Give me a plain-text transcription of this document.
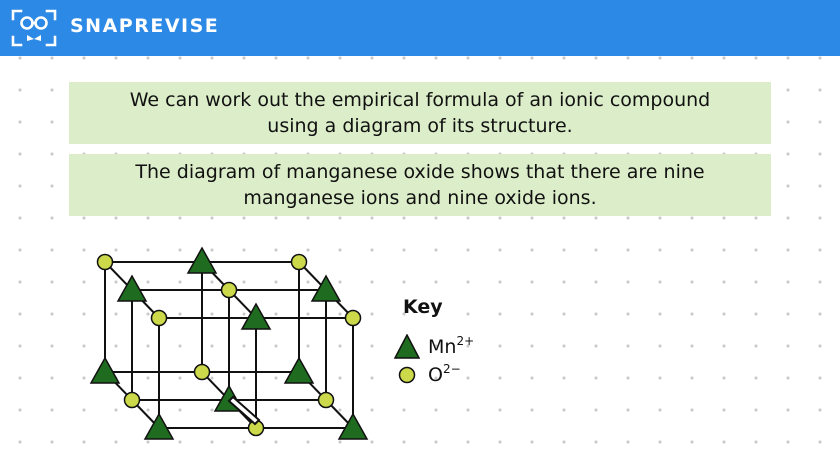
SNAPREVISE
We can work out the empirical formula of an ionic compound
using a diagram of its structure.
The diagram of manganese oxide shows that there are nine
manganese ions and nine oxide ions.
Key
$Mn^{2+}$
$O^{2-}$
